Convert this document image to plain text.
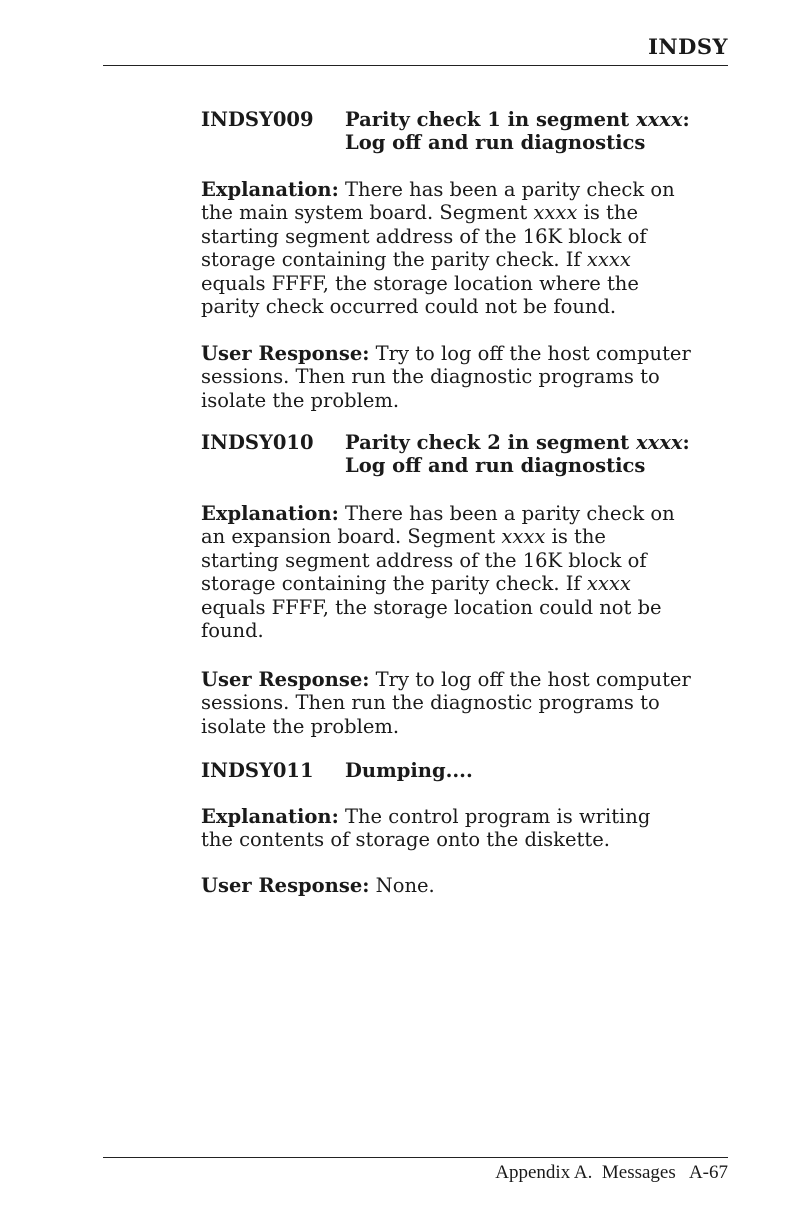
INDSY
INDSY009 Parity check 1 in segment xxxx:
Log off and run diagnostics
Explanation: There has been a parity check on
the main system board. Segment xxxx is the
starting segment address of the 16K block of
storage containing the parity check. If xxxx
equals FFFF, the storage location where the
parity check occurred could not be found.
User Response: Try to log off the host computer
sessions. Then run the diagnostic programs to
isolate the problem.
INDSY010 Parity check 2 in segment xxxx:
Log off and run diagnostics
Explanation: There has been a parity check on
an expansion board. Segment xxxx is the
starting segment address of the 16K block of
storage containing the parity check. If xxxx
equals FFFF, the storage location could not be
found.
User Response: Try to log off the host computer
sessions. Then run the diagnostic programs to
isolate the problem.
INDSY011 Dumping....
Explanation: The control program is writing
the contents of storage onto the diskette.
User Response: None.
Appendix A.  Messages   A-67
